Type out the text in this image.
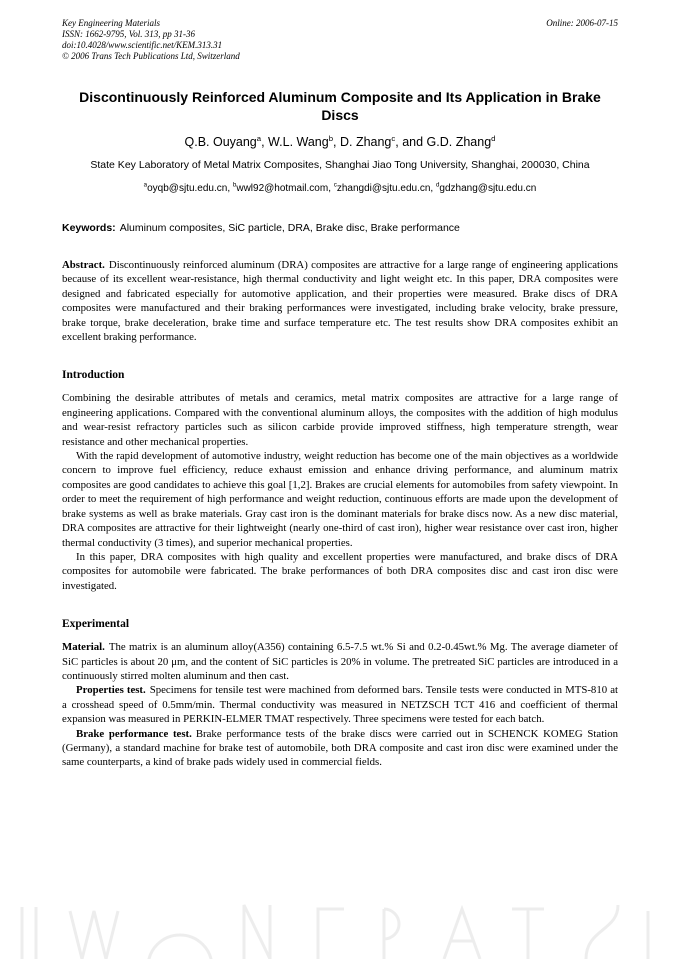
Key Engineering Materials
ISSN: 1662-9795, Vol. 313, pp 31-36
doi:10.4028/www.scientific.net/KEM.313.31
© 2006 Trans Tech Publications Ltd, Switzerland
Online: 2006-07-15
Discontinuously Reinforced Aluminum Composite and Its Application in Brake Discs
Q.B. Ouyang$^a$, W.L. Wang$^b$, D. Zhang$^c$, and G.D. Zhang$^d$
State Key Laboratory of Metal Matrix Composites, Shanghai Jiao Tong University, Shanghai, 200030, China
$^a$oyqb@sjtu.edu.cn, $^b$wwl92@hotmail.com, $^c$zhangdi@sjtu.edu.cn, $^d$gdzhang@sjtu.edu.cn
Keywords: Aluminum composites, SiC particle, DRA, Brake disc, Brake performance

Abstract. Discontinuously reinforced aluminum (DRA) composites are attractive for a large range of engineering applications because of its excellent wear-resistance, high thermal conductivity and light weight etc. In this paper, DRA composites were designed and fabricated especially for automotive application, and their properties were measured. Brake discs of DRA composites were manufactured and their braking performances were investigated, including brake velocity, brake pressure, brake torque, brake deceleration, brake time and surface temperature etc. The test results show DRA composites exhibit an excellent braking performance.

Introduction

Combining the desirable attributes of metals and ceramics, metal matrix composites are attractive for a large range of engineering applications. Compared with the conventional aluminum alloys, the composites with the addition of high modulus and wear-resist refractory particles such as silicon carbide provide improved stiffness, high temperature strength, wear resistance and other mechanical properties.

With the rapid development of automotive industry, weight reduction has become one of the main objectives as a worldwide concern to improve fuel efficiency, reduce exhaust emission and enhance driving performance, and aluminum matrix composites are good candidates to achieve this goal [1,2]. Brakes are crucial elements for automobiles from safety viewpoint. In order to meet the requirement of high performance and weight reduction, continuous efforts are made upon the development of brake systems as well as brake materials. Gray cast iron is the dominant materials for brake discs now. As a new disc material, DRA composites are attractive for their lightweight (nearly one-third of cast iron), higher wear resistance over cast iron, higher thermal conductivity (3 times), and superior mechanical properties.

In this paper, DRA composites with high quality and excellent properties were manufactured, and brake discs of DRA composites for automobile were fabricated. The brake performances of both DRA composites disc and cast iron disc were investigated.

Experimental

Material. The matrix is an aluminum alloy(A356) containing 6.5-7.5 wt.% Si and 0.2-0.45wt.% Mg. The average diameter of SiC particles is about 20 μm, and the content of SiC particles is 20% in volume. The pretreated SiC particles are introduced in a continuously stirred molten aluminum and then cast.

Properties test. Specimens for tensile test were machined from deformed bars. Tensile tests were conducted in MTS-810 at a crosshead speed of 0.5mm/min. Thermal conductivity was measured in NETZSCH TCT 416 and coefficient of thermal expansion was measured in PERKIN-ELMER TMAT respectively. Three specimens were tested for each batch.

Brake performance test. Brake performance tests of the brake discs were carried out in SCHENCK KOMEG Station (Germany), a standard machine for brake test of automobile, both DRA composite and cast iron disc were examined under the same counterparts, a kind of brake pads widely used in commercial fields.
